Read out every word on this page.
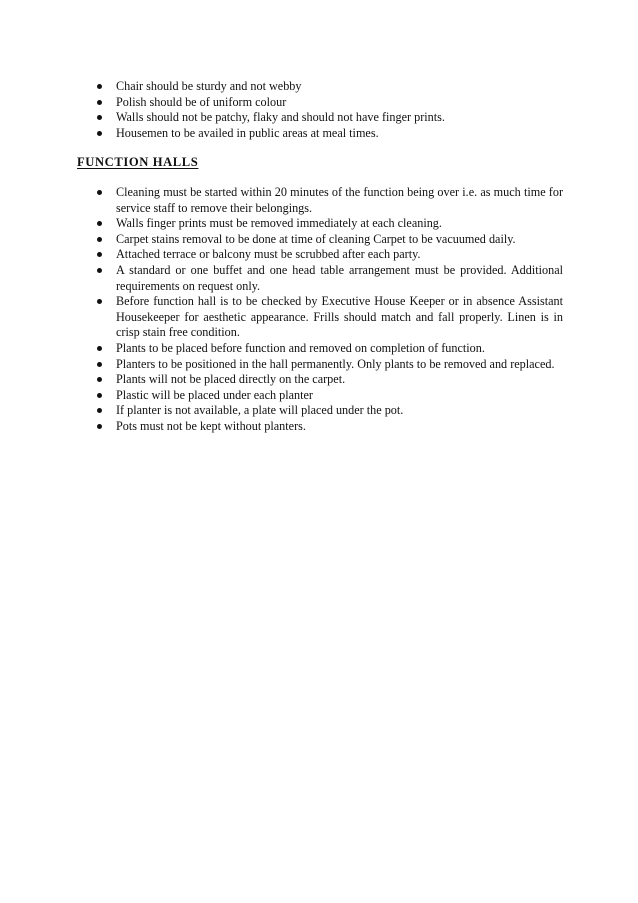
Chair should be sturdy and not webby
Polish should be of uniform colour
Walls should not be patchy, flaky and should not have finger prints.
Housemen to be availed in public areas at meal times.
FUNCTION HALLS
Cleaning must be started within 20 minutes of the function being over i.e. as much time for service staff to remove their belongings.
Walls finger prints must be removed immediately at each cleaning.
Carpet stains removal to be done at time of cleaning Carpet to be vacuumed daily.
Attached terrace or balcony must be scrubbed after each party.
A standard or one buffet and one head table arrangement must be provided. Additional requirements on request only.
Before function hall is to be checked by Executive House Keeper or in absence Assistant Housekeeper for aesthetic appearance. Frills should match and fall properly. Linen is in crisp stain free condition.
Plants to be placed before function and removed on completion of function.
Planters to be positioned in the hall permanently. Only plants to be removed and replaced.
Plants will not be placed directly on the carpet.
Plastic will be placed under each planter
If planter is not available, a plate will placed under the pot.
Pots must not be kept without planters.
